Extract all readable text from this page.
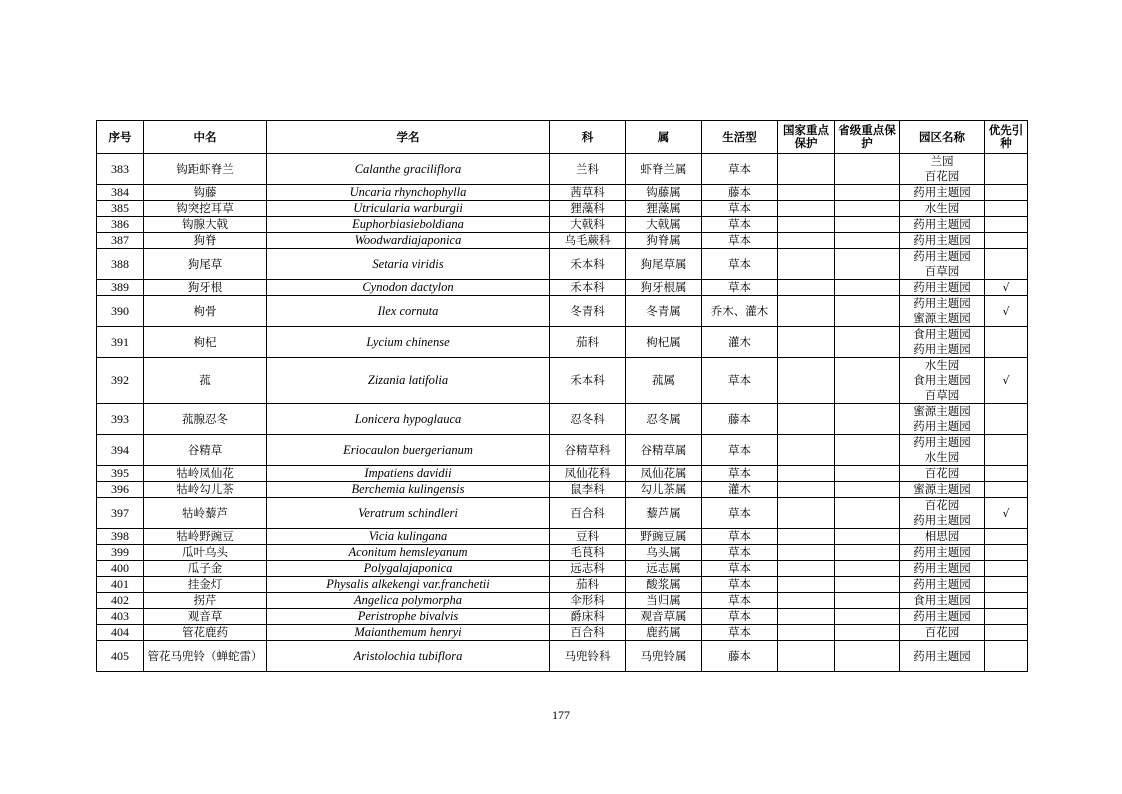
序号	中名	学名	科	属	生活型	国家重点保护	省级重点保护	园区名称	优先引种
383	钩距虾脊兰	Calanthe graciliflora	兰科	虾脊兰属	草本			兰园
百花园	

384	钩藤	Uncaria rhynchophylla	茜草科	钩藤属	藤本			药用主题园	

385	钩突挖耳草	Utricularia warburgii	狸藻科	狸藻属	草本			水生园	

386	钩腺大戟	Euphorbiasieboldiana	大戟科	大戟属	草本			药用主题园	

387	狗脊	Woodwardiajaponica	乌毛蕨科	狗脊属	草本			药用主题园	

388	狗尾草	Setaria viridis	禾本科	狗尾草属	草本			药用主题园
百草园	

389	狗牙根	Cynodon dactylon	禾本科	狗牙根属	草本			药用主题园	√
390	枸骨	Ilex cornuta	冬青科	冬青属	乔木、灌木			药用主题园
蜜源主题园	√
391	枸杞	Lycium chinense	茄科	枸杞属	灌木			食用主题园
药用主题园	

392	菰	Zizania latifolia	禾本科	菰属	草本			水生园
食用主题园
百草园	√
393	菰腺忍冬	Lonicera hypoglauca	忍冬科	忍冬属	藤本			蜜源主题园
药用主题园	

394	谷精草	Eriocaulon buergerianum	谷精草科	谷精草属	草本			药用主题园
水生园	

395	牯岭凤仙花	Impatiens davidii	凤仙花科	凤仙花属	草本			百花园	

396	牯岭勾儿茶	Berchemia kulingensis	鼠李科	勾儿茶属	灌木			蜜源主题园	

397	牯岭藜芦	Veratrum schindleri	百合科	藜芦属	草本			百花园
药用主题园	√
398	牯岭野豌豆	Vicia kulingana	豆科	野豌豆属	草本			相思园	

399	瓜叶乌头	Aconitum hemsleyanum	毛茛科	乌头属	草本			药用主题园	

400	瓜子金	Polygalajaponica	远志科	远志属	草本			药用主题园	

401	挂金灯	Physalis alkekengi var.franchetii	茄科	酸浆属	草本			药用主题园	

402	拐芹	Angelica polymorpha	伞形科	当归属	草本			食用主题园	

403	观音草	Peristrophe bivalvis	爵床科	观音草属	草本			药用主题园	

404	管花鹿药	Maianthemum henryi	百合科	鹿药属	草本			百花园	

405	管花马兜铃（蝉蛇雷）	Aristolochia tubiflora	马兜铃科	马兜铃属	藤本			药用主题园	

177
